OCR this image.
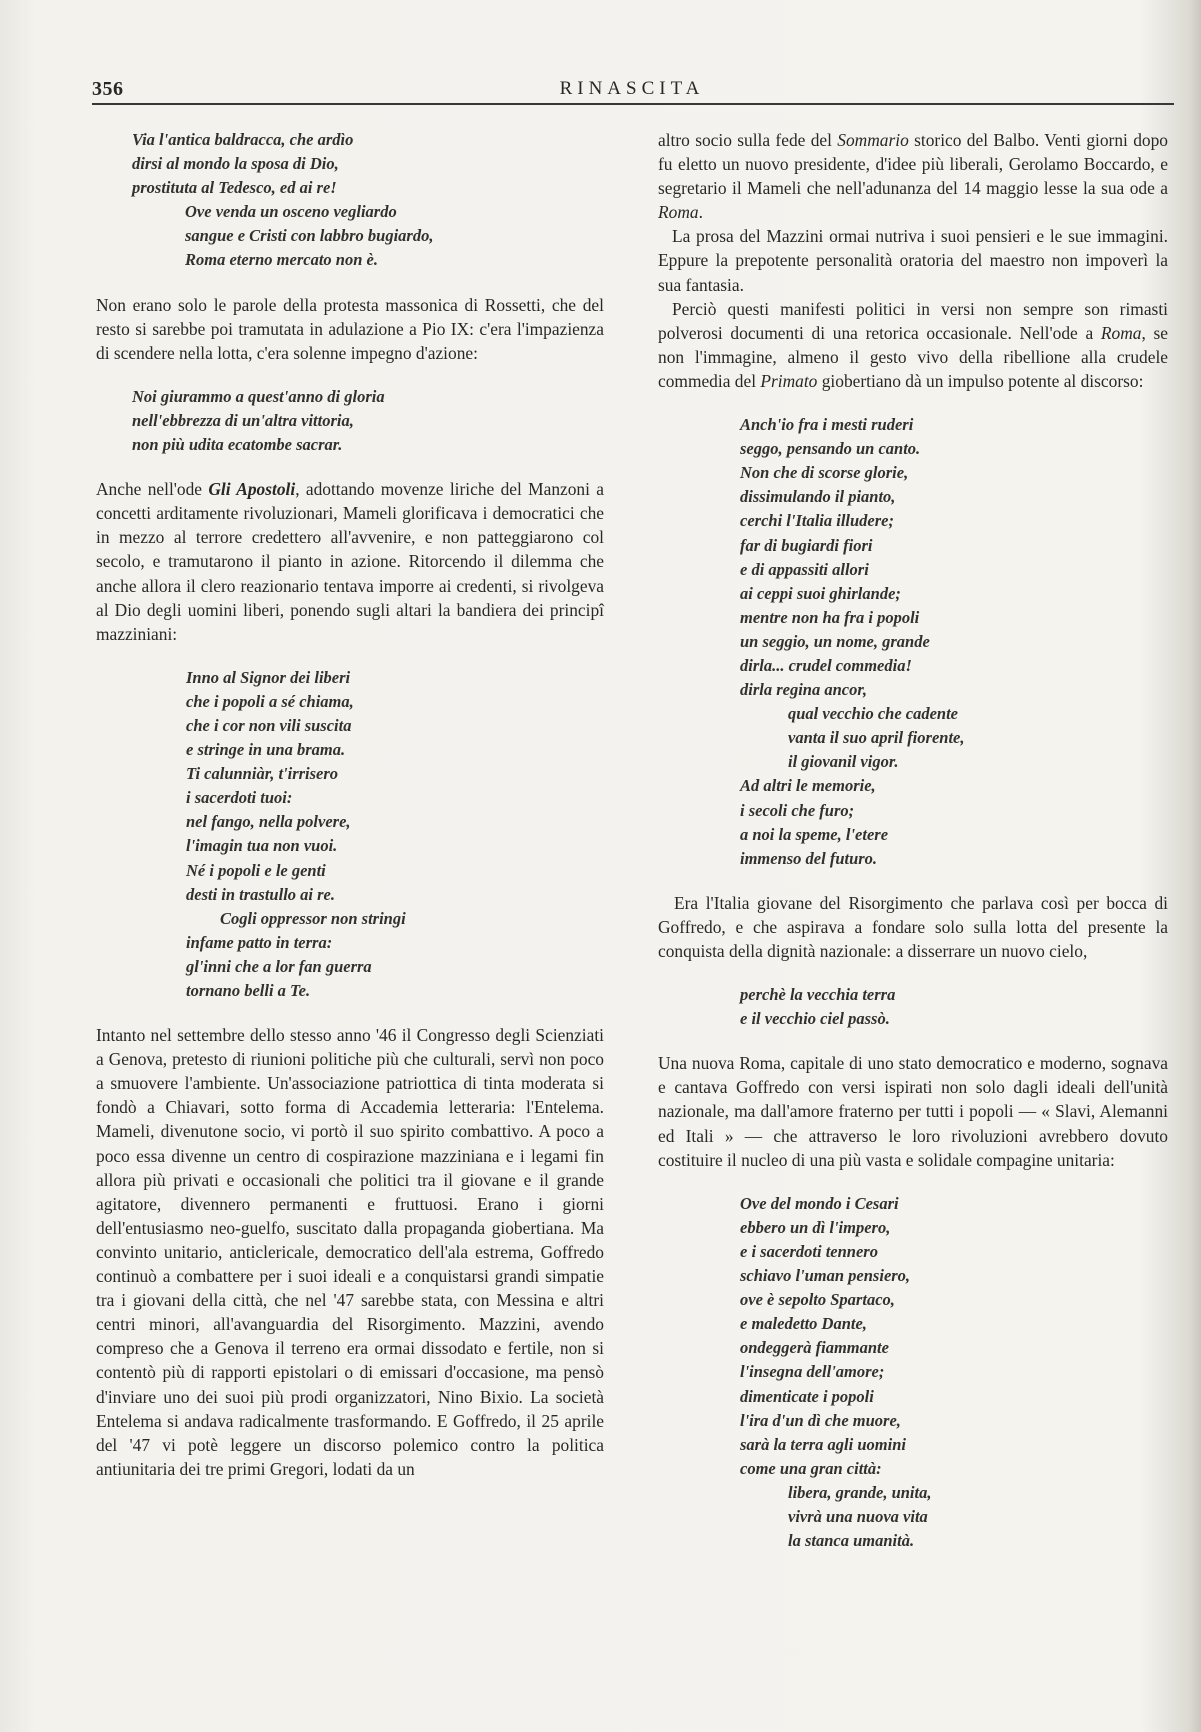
356	RINASCITA
Via l'antica baldracca, che ardìo
dirsi al mondo la sposa di Dio,
prostituta al Tedesco, ed ai re!
Ove venda un osceno vegliardo
sangue e Cristi con labbro bugiardo,
Roma eterno mercato non è.

Non erano solo le parole della protesta massonica di Rossetti, che del resto si sarebbe poi tramutata in adulazione a Pio IX: c'era l'impazienza di scendere nella lotta, c'era solenne impegno d'azione:

Noi giurammo a quest'anno di gloria
nell'ebbrezza di un'altra vittoria,
non più udita ecatombe sacrar.

Anche nell'ode Gli Apostoli, adottando movenze liriche del Manzoni a concetti arditamente rivoluzionari, Mameli glorificava i democratici che in mezzo al terrore credettero all'avvenire, e non patteggiarono col secolo, e tramutarono il pianto in azione. Ritorcendo il dilemma che anche allora il clero reazionario tentava imporre ai credenti, si rivolgeva al Dio degli uomini liberi, ponendo sugli altari la bandiera dei principî mazziniani:

Inno al Signor dei liberi
che i popoli a sé chiama,
che i cor non vili suscita
e stringe in una brama.
Ti calunniàr, t'irrisero
i sacerdoti tuoi:
nel fango, nella polvere,
l'imagin tua non vuoi.
Né i popoli e le genti
desti in trastullo ai re.
Cogli oppressor non stringi
infame patto in terra:
gl'inni che a lor fan guerra
tornano belli a Te.

Intanto nel settembre dello stesso anno '46 il Congresso degli Scienziati a Genova, pretesto di riunioni politiche più che culturali, servì non poco a smuovere l'ambiente. Un'associazione patriottica di tinta moderata si fondò a Chiavari, sotto forma di Accademia letteraria: l'Entelema. Mameli, divenutone socio, vi portò il suo spirito combattivo. A poco a poco essa divenne un centro di cospirazione mazziniana e i legami fin allora più privati e occasionali che politici tra il giovane e il grande agitatore, divennero permanenti e fruttuosi. Erano i giorni dell'entusiasmo neo-guelfo, suscitato dalla propaganda giobertiana. Ma convinto unitario, anticlericale, democratico dell'ala estrema, Goffredo continuò a combattere per i suoi ideali e a conquistarsi grandi simpatie tra i giovani della città, che nel '47 sarebbe stata, con Messina e altri centri minori, all'avanguardia del Risorgimento. Mazzini, avendo compreso che a Genova il terreno era ormai dissodato e fertile, non si contentò più di rapporti epistolari o di emissari d'occasione, ma pensò d'inviare uno dei suoi più prodi organizzatori, Nino Bixio. La società Entelema si andava radicalmente trasformando. E Goffredo, il 25 aprile del '47 vi potè leggere un discorso polemico contro la politica antiunitaria dei tre primi Gregori, lodati da un

altro socio sulla fede del Sommario storico del Balbo. Venti giorni dopo fu eletto un nuovo presidente, d'idee più liberali, Gerolamo Boccardo, e segretario il Mameli che nell'adunanza del 14 maggio lesse la sua ode a Roma.

La prosa del Mazzini ormai nutriva i suoi pensieri e le sue immagini. Eppure la prepotente personalità oratoria del maestro non impoverì la sua fantasia.

Perciò questi manifesti politici in versi non sempre son rimasti polverosi documenti di una retorica occasionale. Nell'ode a Roma, se non l'immagine, almeno il gesto vivo della ribellione alla crudele commedia del Primato giobertiano dà un impulso potente al discorso:

Anch'io fra i mesti ruderi
seggo, pensando un canto.
Non che di scorse glorie,
dissimulando il pianto,
cerchi l'Italia illudere;
far di bugiardi fiori
e di appassiti allori
ai ceppi suoi ghirlande;
mentre non ha fra i popoli
un seggio, un nome, grande
dirla... crudel commedia!
dirla regina ancor,
qual vecchio che cadente
vanta il suo april fiorente,
il giovanil vigor.
Ad altri le memorie,
i secoli che furo;
a noi la speme, l'etere
immenso del futuro.

Era l'Italia giovane del Risorgimento che parlava così per bocca di Goffredo, e che aspirava a fondare solo sulla lotta del presente la conquista della dignità nazionale: a disserrare un nuovo cielo,

perchè la vecchia terra
e il vecchio ciel passò.

Una nuova Roma, capitale di uno stato democratico e moderno, sognava e cantava Goffredo con versi ispirati non solo dagli ideali dell'unità nazionale, ma dall'amore fraterno per tutti i popoli — « Slavi, Alemanni ed Itali » — che attraverso le loro rivoluzioni avrebbero dovuto costituire il nucleo di una più vasta e solidale compagine unitaria:

Ove del mondo i Cesari
ebbero un dì l'impero,
e i sacerdoti tennero
schiavo l'uman pensiero,
ove è sepolto Spartaco,
e maledetto Dante,
ondeggerà fiammante
l'insegna dell'amore;
dimenticate i popoli
l'ira d'un dì che muore,
sarà la terra agli uomini
come una gran città:
libera, grande, unita,
vivrà una nuova vita
la stanca umanità.
